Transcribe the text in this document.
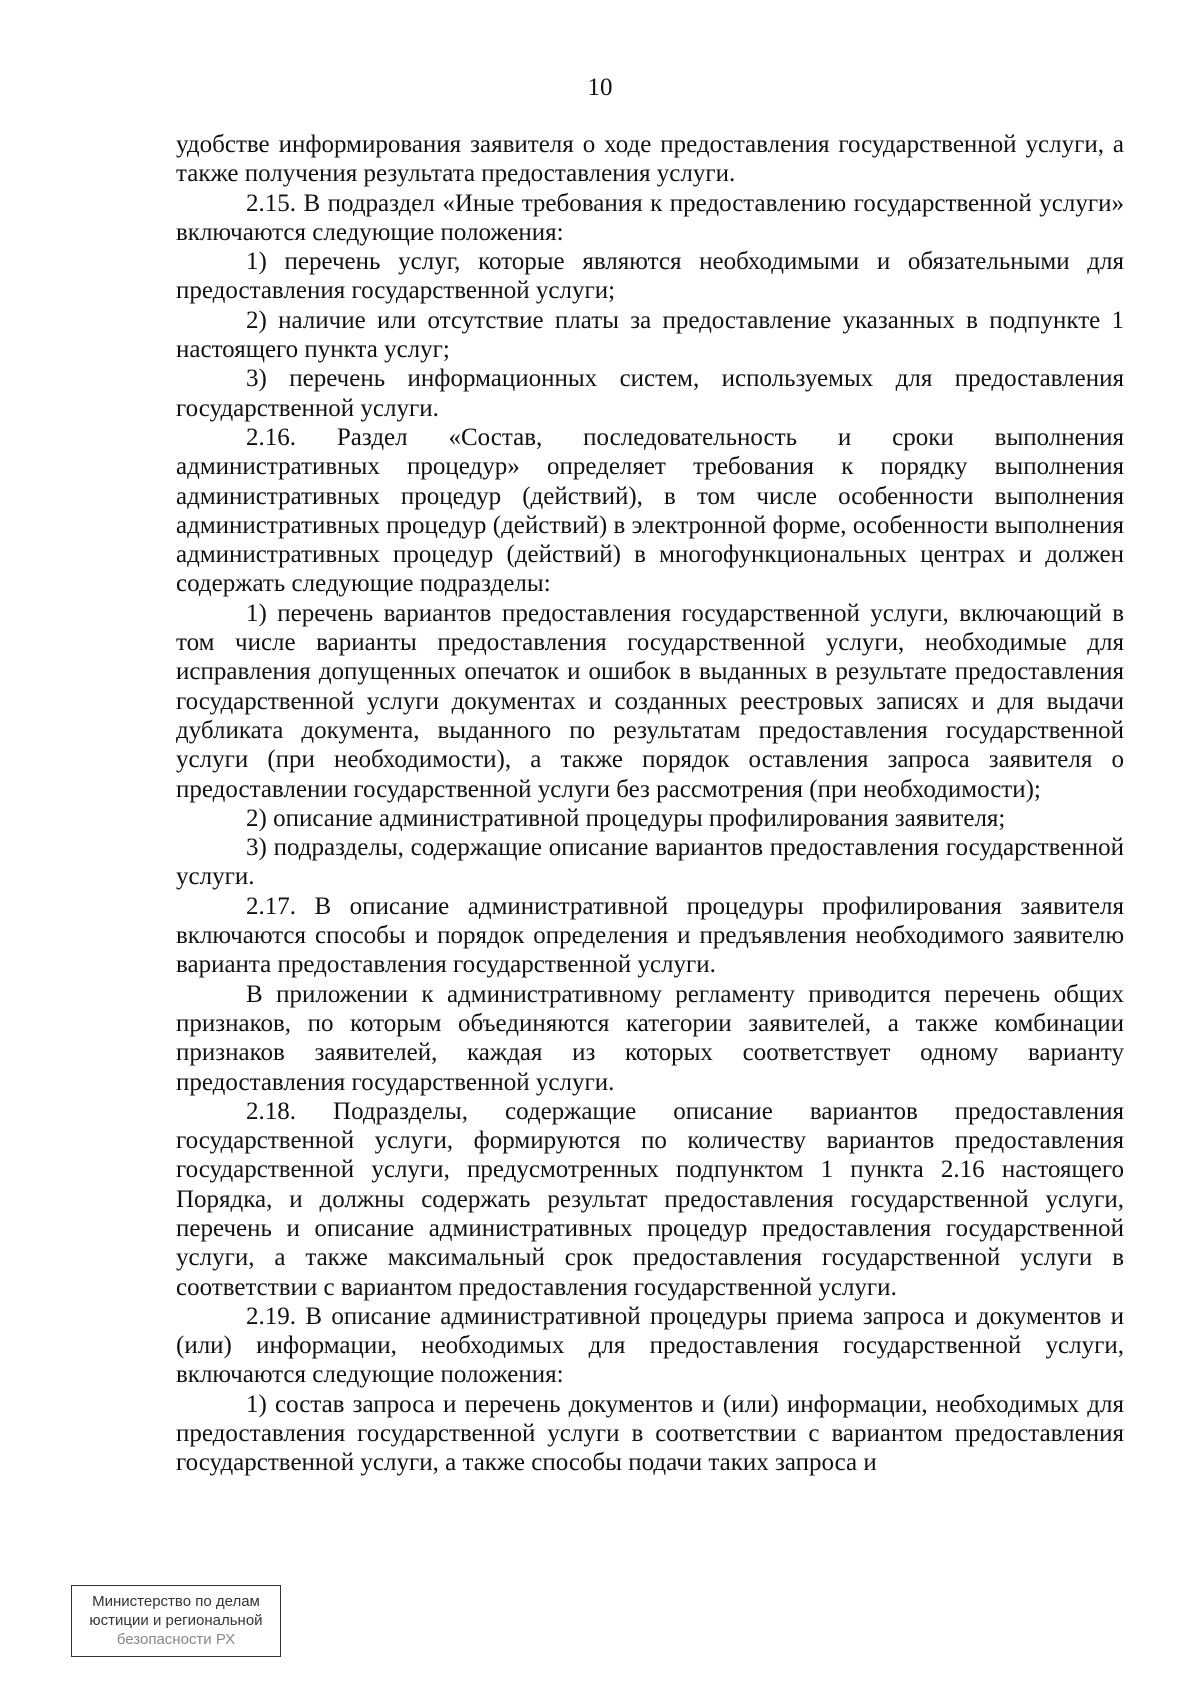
10

удобстве информирования заявителя о ходе предоставления государственной услуги, а также получения результата предоставления услуги.

2.15. В подраздел «Иные требования к предоставлению государственной услуги» включаются следующие положения:

1) перечень услуг, которые являются необходимыми и обязательными для предоставления государственной услуги;

2) наличие или отсутствие платы за предоставление указанных в подпункте 1 настоящего пункта услуг;

3) перечень информационных систем, используемых для предоставления государственной услуги.

2.16. Раздел «Состав, последовательность и сроки выполнения административных процедур» определяет требования к порядку выполнения административных процедур (действий), в том числе особенности выполнения административных процедур (действий) в электронной форме, особенности выполнения административных процедур (действий) в многофункциональных центрах и должен содержать следующие подразделы:

1) перечень вариантов предоставления государственной услуги, включающий в том числе варианты предоставления государственной услуги, необходимые для исправления допущенных опечаток и ошибок в выданных в результате предоставления государственной услуги документах и созданных реестровых записях и для выдачи дубликата документа, выданного по результатам предоставления государственной услуги (при необходимости), а также порядок оставления запроса заявителя о предоставлении государственной услуги без рассмотрения (при необходимости);

2) описание административной процедуры профилирования заявителя;

3) подразделы, содержащие описание вариантов предоставления государственной услуги.

2.17. В описание административной процедуры профилирования заявителя включаются способы и порядок определения и предъявления необходимого заявителю варианта предоставления государственной услуги.

В приложении к административному регламенту приводится перечень общих признаков, по которым объединяются категории заявителей, а также комбинации признаков заявителей, каждая из которых соответствует одному варианту предоставления государственной услуги.

2.18. Подразделы, содержащие описание вариантов предоставления государственной услуги, формируются по количеству вариантов предоставления государственной услуги, предусмотренных подпунктом 1 пункта 2.16 настоящего Порядка, и должны содержать результат предоставления государственной услуги, перечень и описание административных процедур предоставления государственной услуги, а также максимальный срок предоставления государственной услуги в соответствии с вариантом предоставления государственной услуги.

2.19. В описание административной процедуры приема запроса и документов и (или) информации, необходимых для предоставления государственной услуги, включаются следующие положения:

1) состав запроса и перечень документов и (или) информации, необходимых для предоставления государственной услуги в соответствии с вариантом предоставления государственной услуги, а также способы подачи таких запроса и

Министерство по делам
юстиции и региональной
безопасности РХ
